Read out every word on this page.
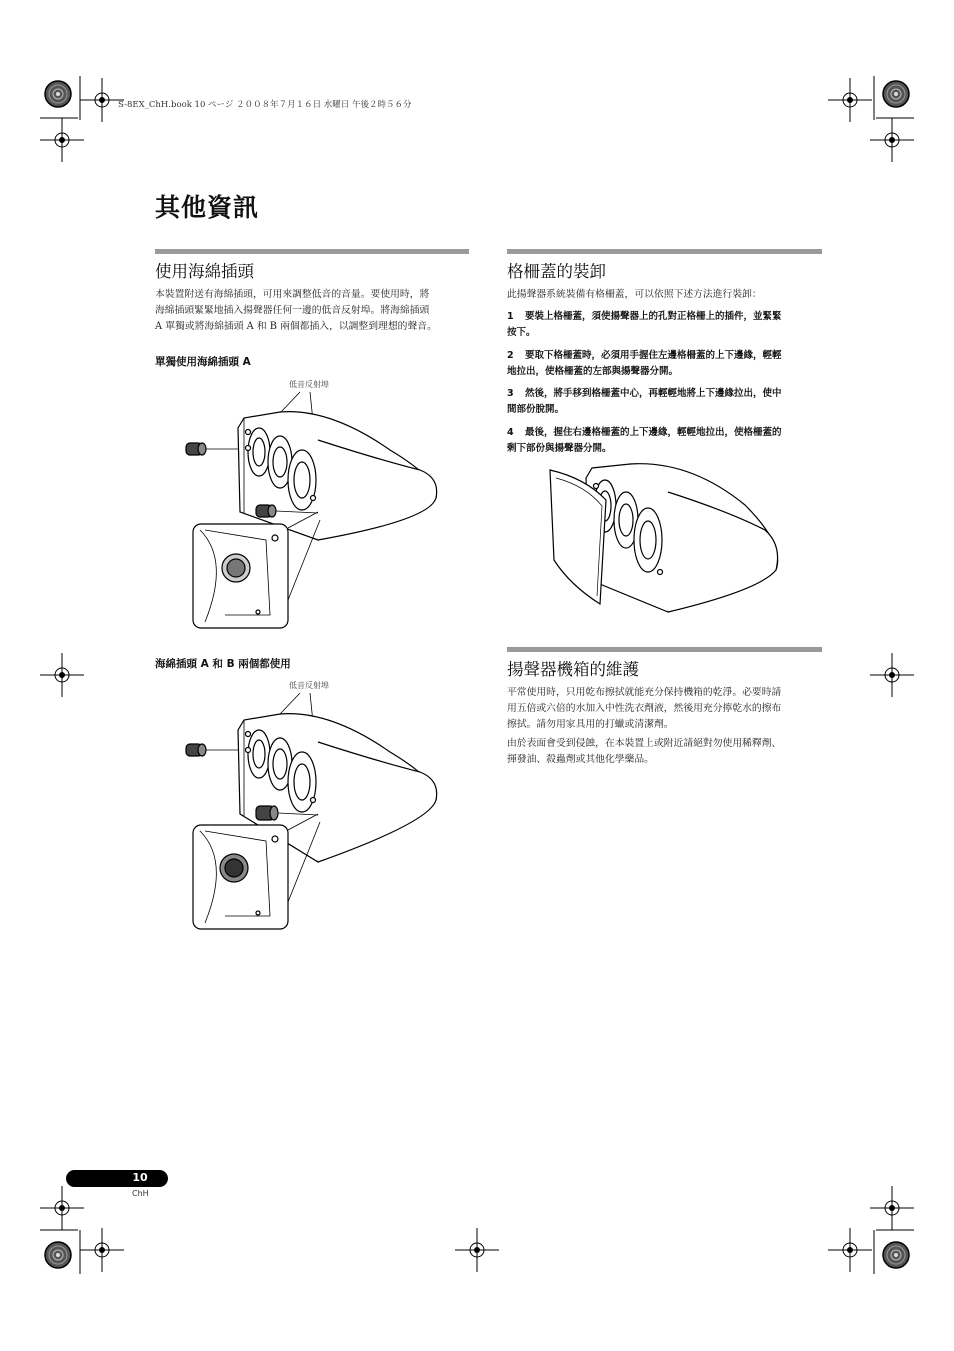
S-8EX_ChH.book 10 ページ ２００８年７月１６日 水曜日 午後２時５６分
其他資訊
使用海綿插頭
本裝置附送有海綿插頭，可用來調整低音的音量。要使用時，將
海綿插頭緊緊地插入揚聲器任何一邊的低音反射埠。將海綿插頭
A 單獨或將海綿插頭 A 和 B 兩個都插入，以調整到理想的聲音。
單獨使用海綿插頭 A
低音反射埠
海綿插頭 A 和 B 兩個都使用
低音反射埠
格柵蓋的裝卸
此揚聲器系統裝備有格柵蓋，可以依照下述方法進行裝卸：
1 要裝上格柵蓋，須使揚聲器上的孔對正格柵上的插件，並緊緊
按下。
2 要取下格柵蓋時，必須用手握住左邊格柵蓋的上下邊緣，輕輕
地拉出，使格柵蓋的左部與揚聲器分開。
3 然後，將手移到格柵蓋中心，再輕輕地將上下邊緣拉出，使中
間部份脫開。
4 最後，握住右邊格柵蓋的上下邊緣，輕輕地拉出，使格柵蓋的
剩下部份與揚聲器分開。
揚聲器機箱的維護
平常使用時，只用乾布擦拭就能充分保持機箱的乾淨。必要時請
用五倍或六倍的水加入中性洗衣劑液，然後用充分擰乾水的擦布
擦拭。請勿用家具用的打蠟或清潔劑。
由於表面會受到侵蝕，在本裝置上或附近請絕對勿使用稀釋劑、
揮發油、殺蟲劑或其他化學藥品。
10
ChH
